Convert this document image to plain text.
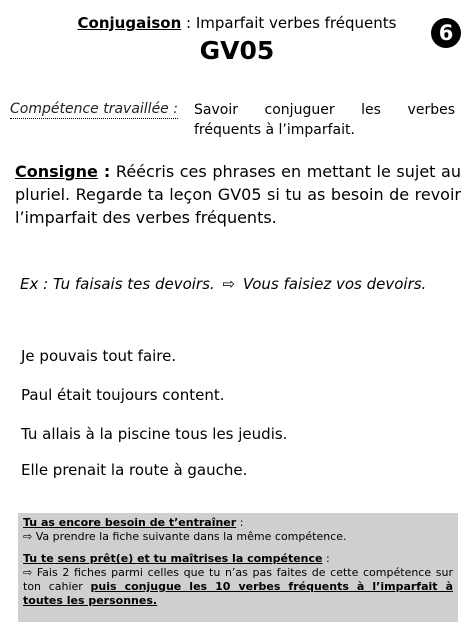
Conjugaison : Imparfait verbes fréquents
GV05
6
Compétence travaillée : Savoir conjuguer les verbes
fréquents à l’imparfait.
Consigne : Réécris ces phrases en mettant le sujet au pluriel. Regarde ta leçon GV05 si tu as besoin de revoir l’imparfait des verbes fréquents.
Ex : Tu faisais tes devoirs. ⇨ Vous faisiez vos devoirs.
Je pouvais tout faire.
Paul était toujours content.
Tu allais à la piscine tous les jeudis.
Elle prenait la route à gauche.
Tu as encore besoin de t’entraîner :
⇨ Va prendre la fiche suivante dans la même compétence.
Tu te sens prêt(e) et tu maîtrises la compétence :
⇨ Fais 2 fiches parmi celles que tu n’as pas faites de cette compétence sur ton cahier puis conjugue les 10 verbes fréquents à l’imparfait à toutes les personnes.
